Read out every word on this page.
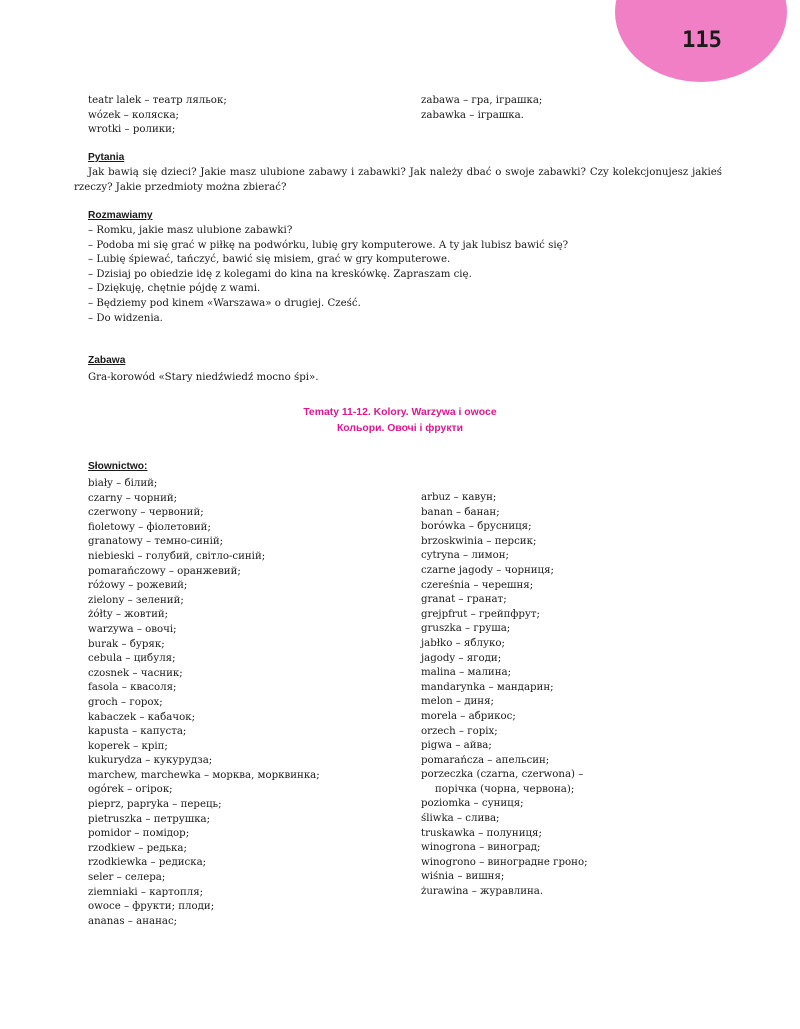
115
teatr lalek – театр ляльок;
wózek – коляска;
wrotki – ролики;
zabawa – гра, іграшка;
zabawka – іграшка.
Pytania

Jak bawią się dzieci? Jakie masz ulubione zabawy i zabawki? Jak należy dbać o swoje zabawki? Czy kolekcjonujesz jakieś rzeczy? Jakie przedmioty można zbierać?

Rozmawiamy
– Romku, jakie masz ulubione zabawki?
– Podoba mi się grać w piłkę na podwórku, lubię gry komputerowe. A ty jak lubisz bawić się?
– Lubię śpiewać, tańczyć, bawić się misiem, grać w gry komputerowe.
– Dzisiaj po obiedzie idę z kolegami do kina na kreskówkę. Zapraszam cię.
– Dziękuję, chętnie pójdę z wami.
– Będziemy pod kinem «Warszawa» o drugiej. Cześć.
– Do widzenia.
Zabawa

Gra-korowód «Stary niedźwiedź mocno śpi».

Tematy 11-12. Kolory. Warzywa i owoce

Кольори. Овочі і фрукти

Słownictwo:
biały – білий;
czarny – чорний;
czerwony – червоний;
fioletowy – фіолетовий;
granatowy – темно-синій;
niebieski – голубий, світло-синій;
pomarańczowy – оранжевий;
różowy – рожевий;
zielony – зелений;
żółty – жовтий;
warzywa – овочі;
burak – буряк;
cebula – цибуля;
czosnek – часник;
fasola – квасоля;
groch – горох;
kabaczek – кабачок;
kapusta – капуста;
koperek – кріп;
kukurydza – кукурудза;
marchew, marchewka – морква, морквинка;
ogórek – огірок;
pieprz, papryka – перець;
pietruszka – петрушка;
pomidor – помідор;
rzodkiew – редька;
rzodkiewka – редиска;
seler – селера;
ziemniaki – картопля;
owoce – фрукти; плоди;
ananas – ананас;
arbuz – кавун;
banan – банан;
borówka – брусниця;
brzoskwinia – персик;
cytryna – лимон;
czarne jagody – чорниця;
czereśnia – черешня;
granat – гранат;
grejpfrut – грейпфрут;
gruszka – груша;
jabłko – яблуко;
jagody – ягоди;
malina – малина;
mandarynka – мандарин;
melon – диня;
morela – абрикос;
orzech – горіх;
pigwa – айва;
pomarańcza – апельсин;
porzeczka (czarna, czerwona) –
порічка (чорна, червона);
poziomka – суниця;
śliwka – слива;
truskawka – полуниця;
winogrona – виноград;
winogrono – виноградне гроно;
wiśnia – вишня;
żurawina – журавлина.
